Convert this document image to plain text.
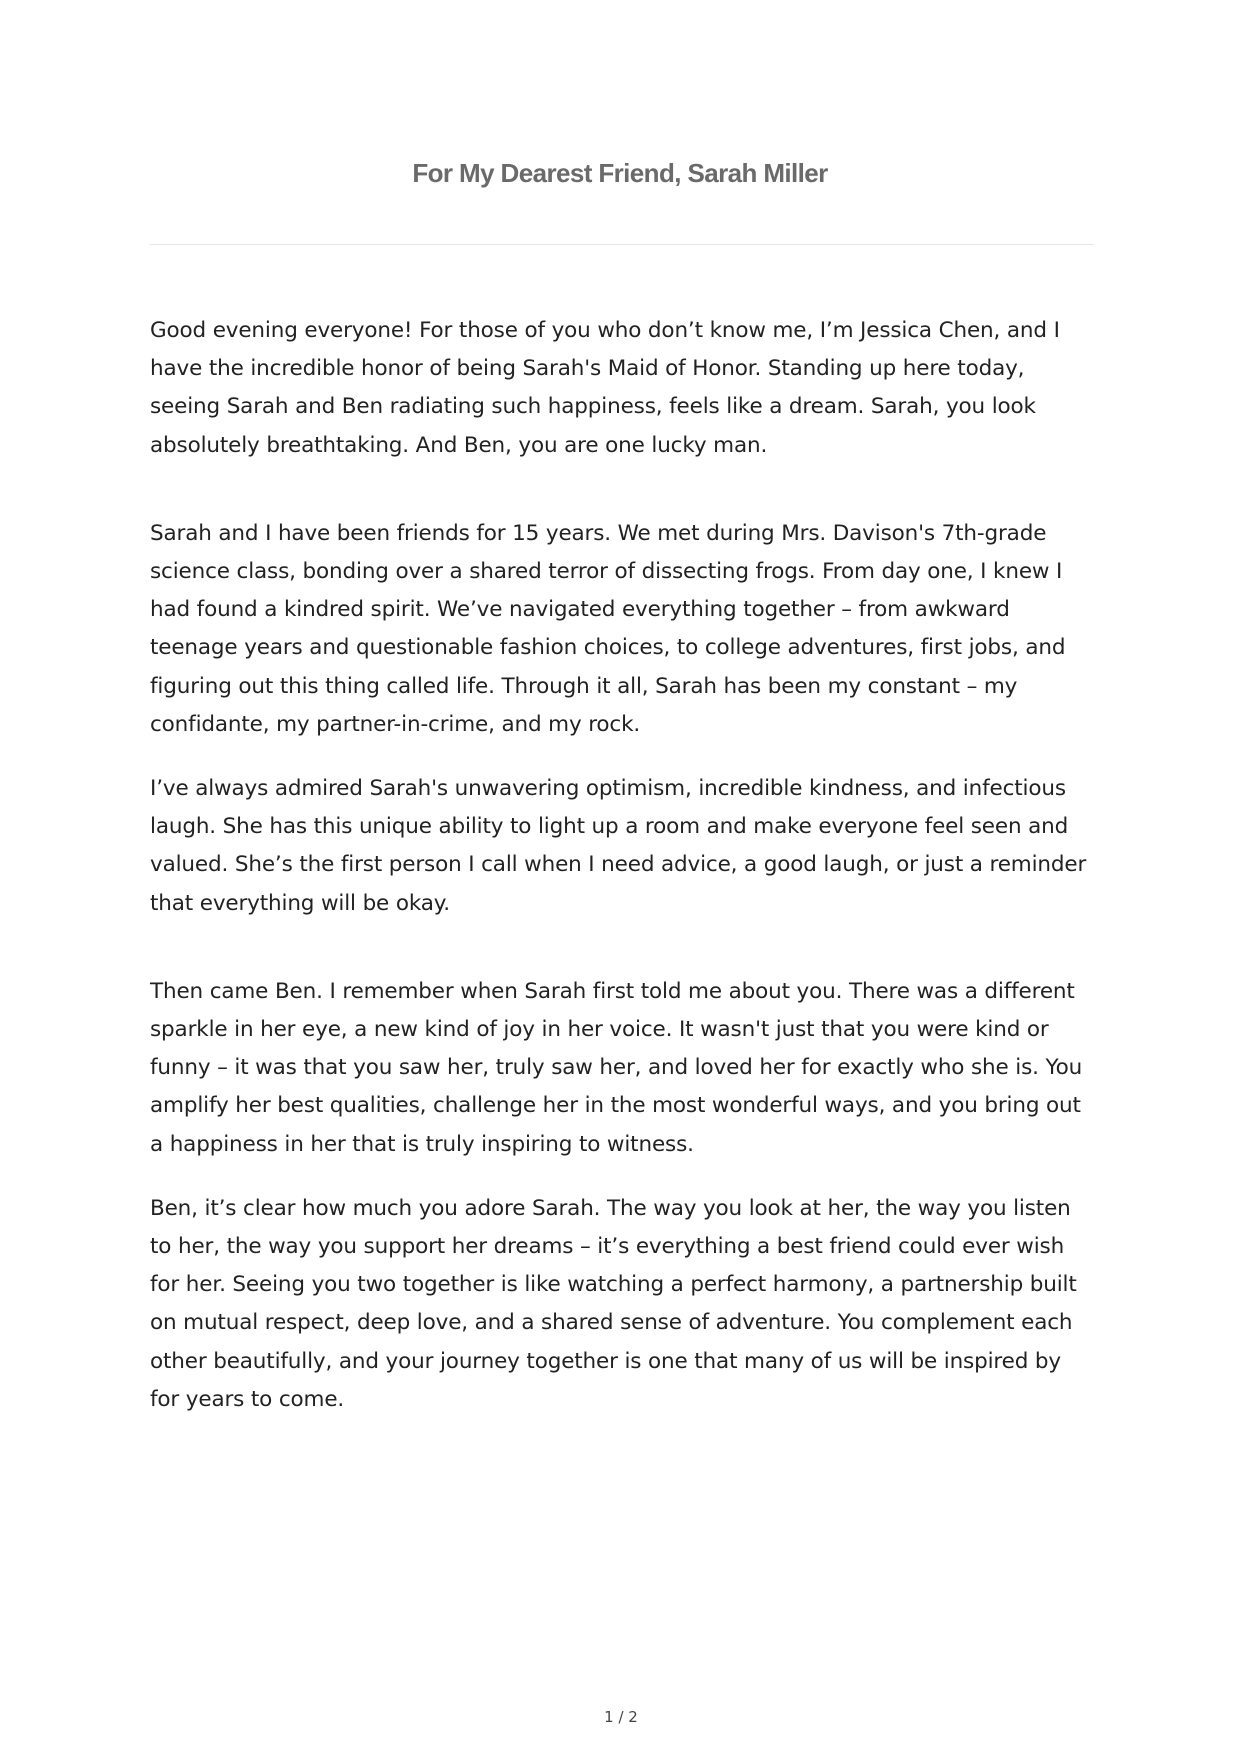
For My Dearest Friend, Sarah Miller

Good evening everyone! For those of you who don’t know me, I’m Jessica Chen, and I have the incredible honor of being Sarah's Maid of Honor. Standing up here today, seeing Sarah and Ben radiating such happiness, feels like a dream. Sarah, you look absolutely breathtaking. And Ben, you are one lucky man.

Sarah and I have been friends for 15 years. We met during Mrs. Davison's 7th-grade science class, bonding over a shared terror of dissecting frogs. From day one, I knew I had found a kindred spirit. We’ve navigated everything together – from awkward teenage years and questionable fashion choices, to college adventures, first jobs, and figuring out this thing called life. Through it all, Sarah has been my constant – my confidante, my partner-in-crime, and my rock.

I’ve always admired Sarah's unwavering optimism, incredible kindness, and infectious laugh. She has this unique ability to light up a room and make everyone feel seen and valued. She’s the first person I call when I need advice, a good laugh, or just a reminder that everything will be okay.

Then came Ben. I remember when Sarah first told me about you. There was a different sparkle in her eye, a new kind of joy in her voice. It wasn't just that you were kind or funny – it was that you saw her, truly saw her, and loved her for exactly who she is. You amplify her best qualities, challenge her in the most wonderful ways, and you bring out a happiness in her that is truly inspiring to witness.

Ben, it’s clear how much you adore Sarah. The way you look at her, the way you listen to her, the way you support her dreams – it’s everything a best friend could ever wish for her. Seeing you two together is like watching a perfect harmony, a partnership built on mutual respect, deep love, and a shared sense of adventure. You complement each other beautifully, and your journey together is one that many of us will be inspired by for years to come.

1 / 2
